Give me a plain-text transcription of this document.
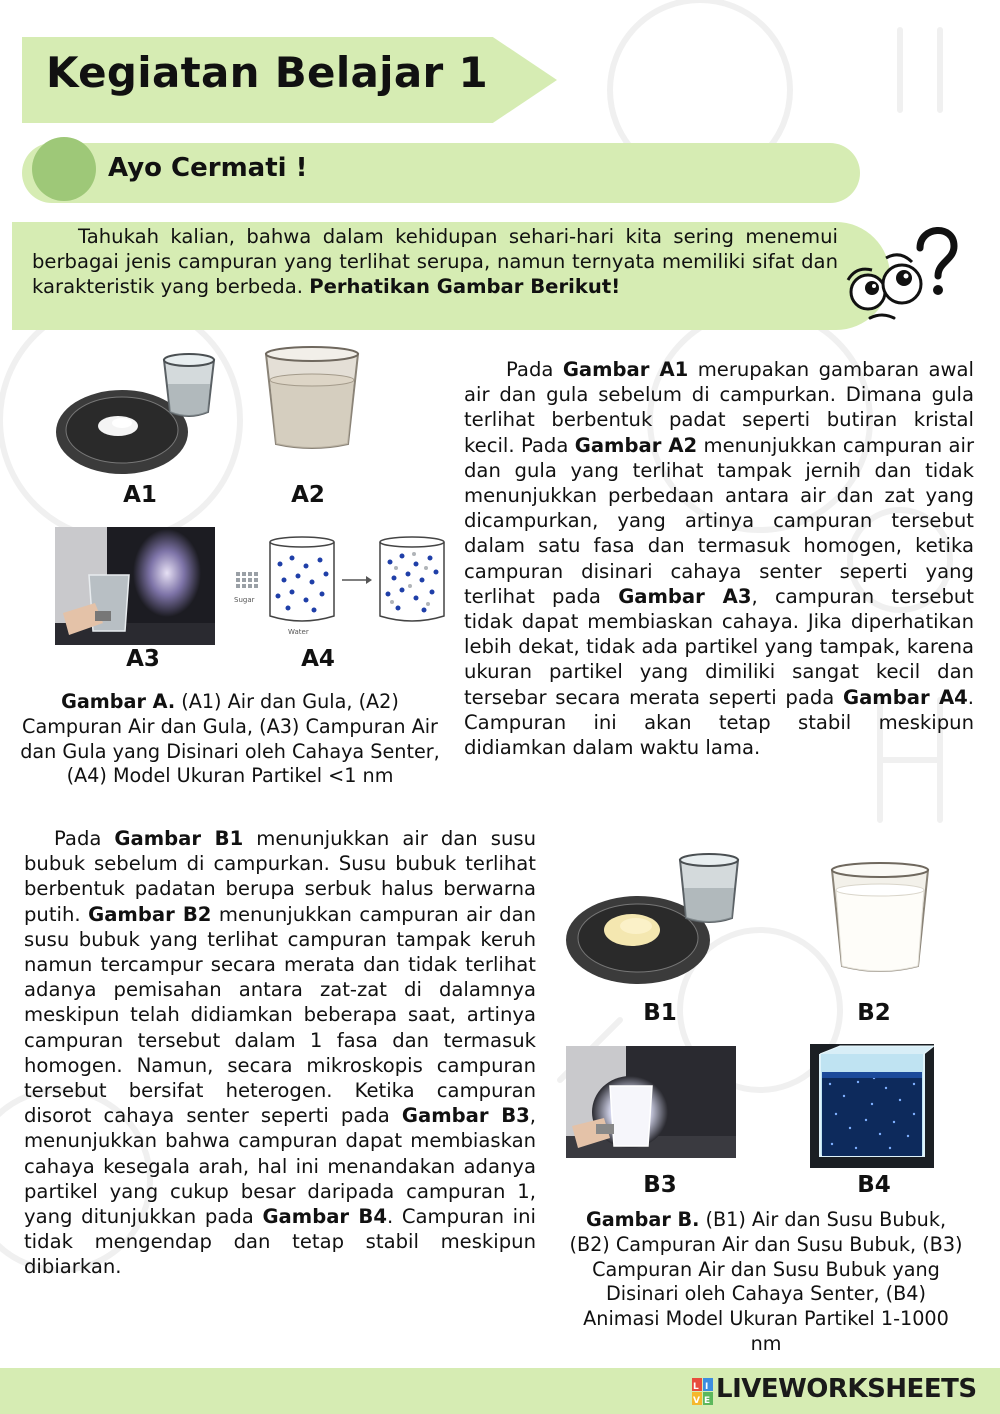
Kegiatan Belajar 1
Ayo Cermati !
Tahukah kalian, bahwa dalam kehidupan sehari-hari kita sering menemui berbagai jenis campuran yang terlihat serupa, namun ternyata memiliki sifat dan karakteristik yang berbeda. Perhatikan Gambar Berikut!
A1	A2
A3
Sugar
Water
A4
Gambar A. (A1) Air dan Gula, (A2) Campuran Air dan Gula, (A3) Campuran Air dan Gula yang Disinari oleh Cahaya Senter, (A4) Model Ukuran Partikel <1 nm
Pada Gambar A1 merupakan gambaran awal air dan gula sebelum di campurkan. Dimana gula terlihat berbentuk padat seperti butiran kristal kecil. Pada Gambar A2 menunjukkan campuran air dan gula yang terlihat tampak jernih dan tidak menunjukkan perbedaan antara air dan zat yang dicampurkan, yang artinya campuran tersebut dalam satu fasa dan termasuk homogen, ketika campuran disinari cahaya senter seperti yang terlihat pada Gambar A3, campuran tersebut tidak dapat membiaskan cahaya. Jika diperhatikan lebih dekat, tidak ada partikel yang tampak, karena ukuran partikel yang dimiliki sangat kecil dan tersebar secara merata seperti pada Gambar A4. Campuran ini akan tetap stabil meskipun didiamkan dalam waktu lama.
Pada Gambar B1 menunjukkan air dan susu bubuk sebelum di campurkan. Susu bubuk terlihat berbentuk padatan berupa serbuk halus berwarna putih. Gambar B2 menunjukkan campuran air dan susu bubuk yang terlihat campuran tampak keruh namun tercampur secara merata dan tidak terlihat adanya pemisahan antara zat-zat di dalamnya meskipun telah didiamkan beberapa saat, artinya campuran tersebut dalam 1 fasa dan termasuk homogen. Namun, secara mikroskopis campuran tersebut bersifat heterogen. Ketika campuran disorot cahaya senter seperti pada Gambar B3, menunjukkan bahwa campuran dapat membiaskan cahaya kesegala arah, hal ini menandakan adanya partikel yang cukup besar daripada campuran 1, yang ditunjukkan pada Gambar B4. Campuran ini tidak mengendap dan tetap stabil meskipun dibiarkan.
B1	B2
B3	B4
Gambar B. (B1) Air dan Susu Bubuk, (B2) Campuran Air dan Susu Bubuk, (B3) Campuran Air dan Susu Bubuk yang Disinari oleh Cahaya Senter, (B4) Animasi Model Ukuran Partikel 1-1000 nm
L I
V E LIVEWORKSHEETS
